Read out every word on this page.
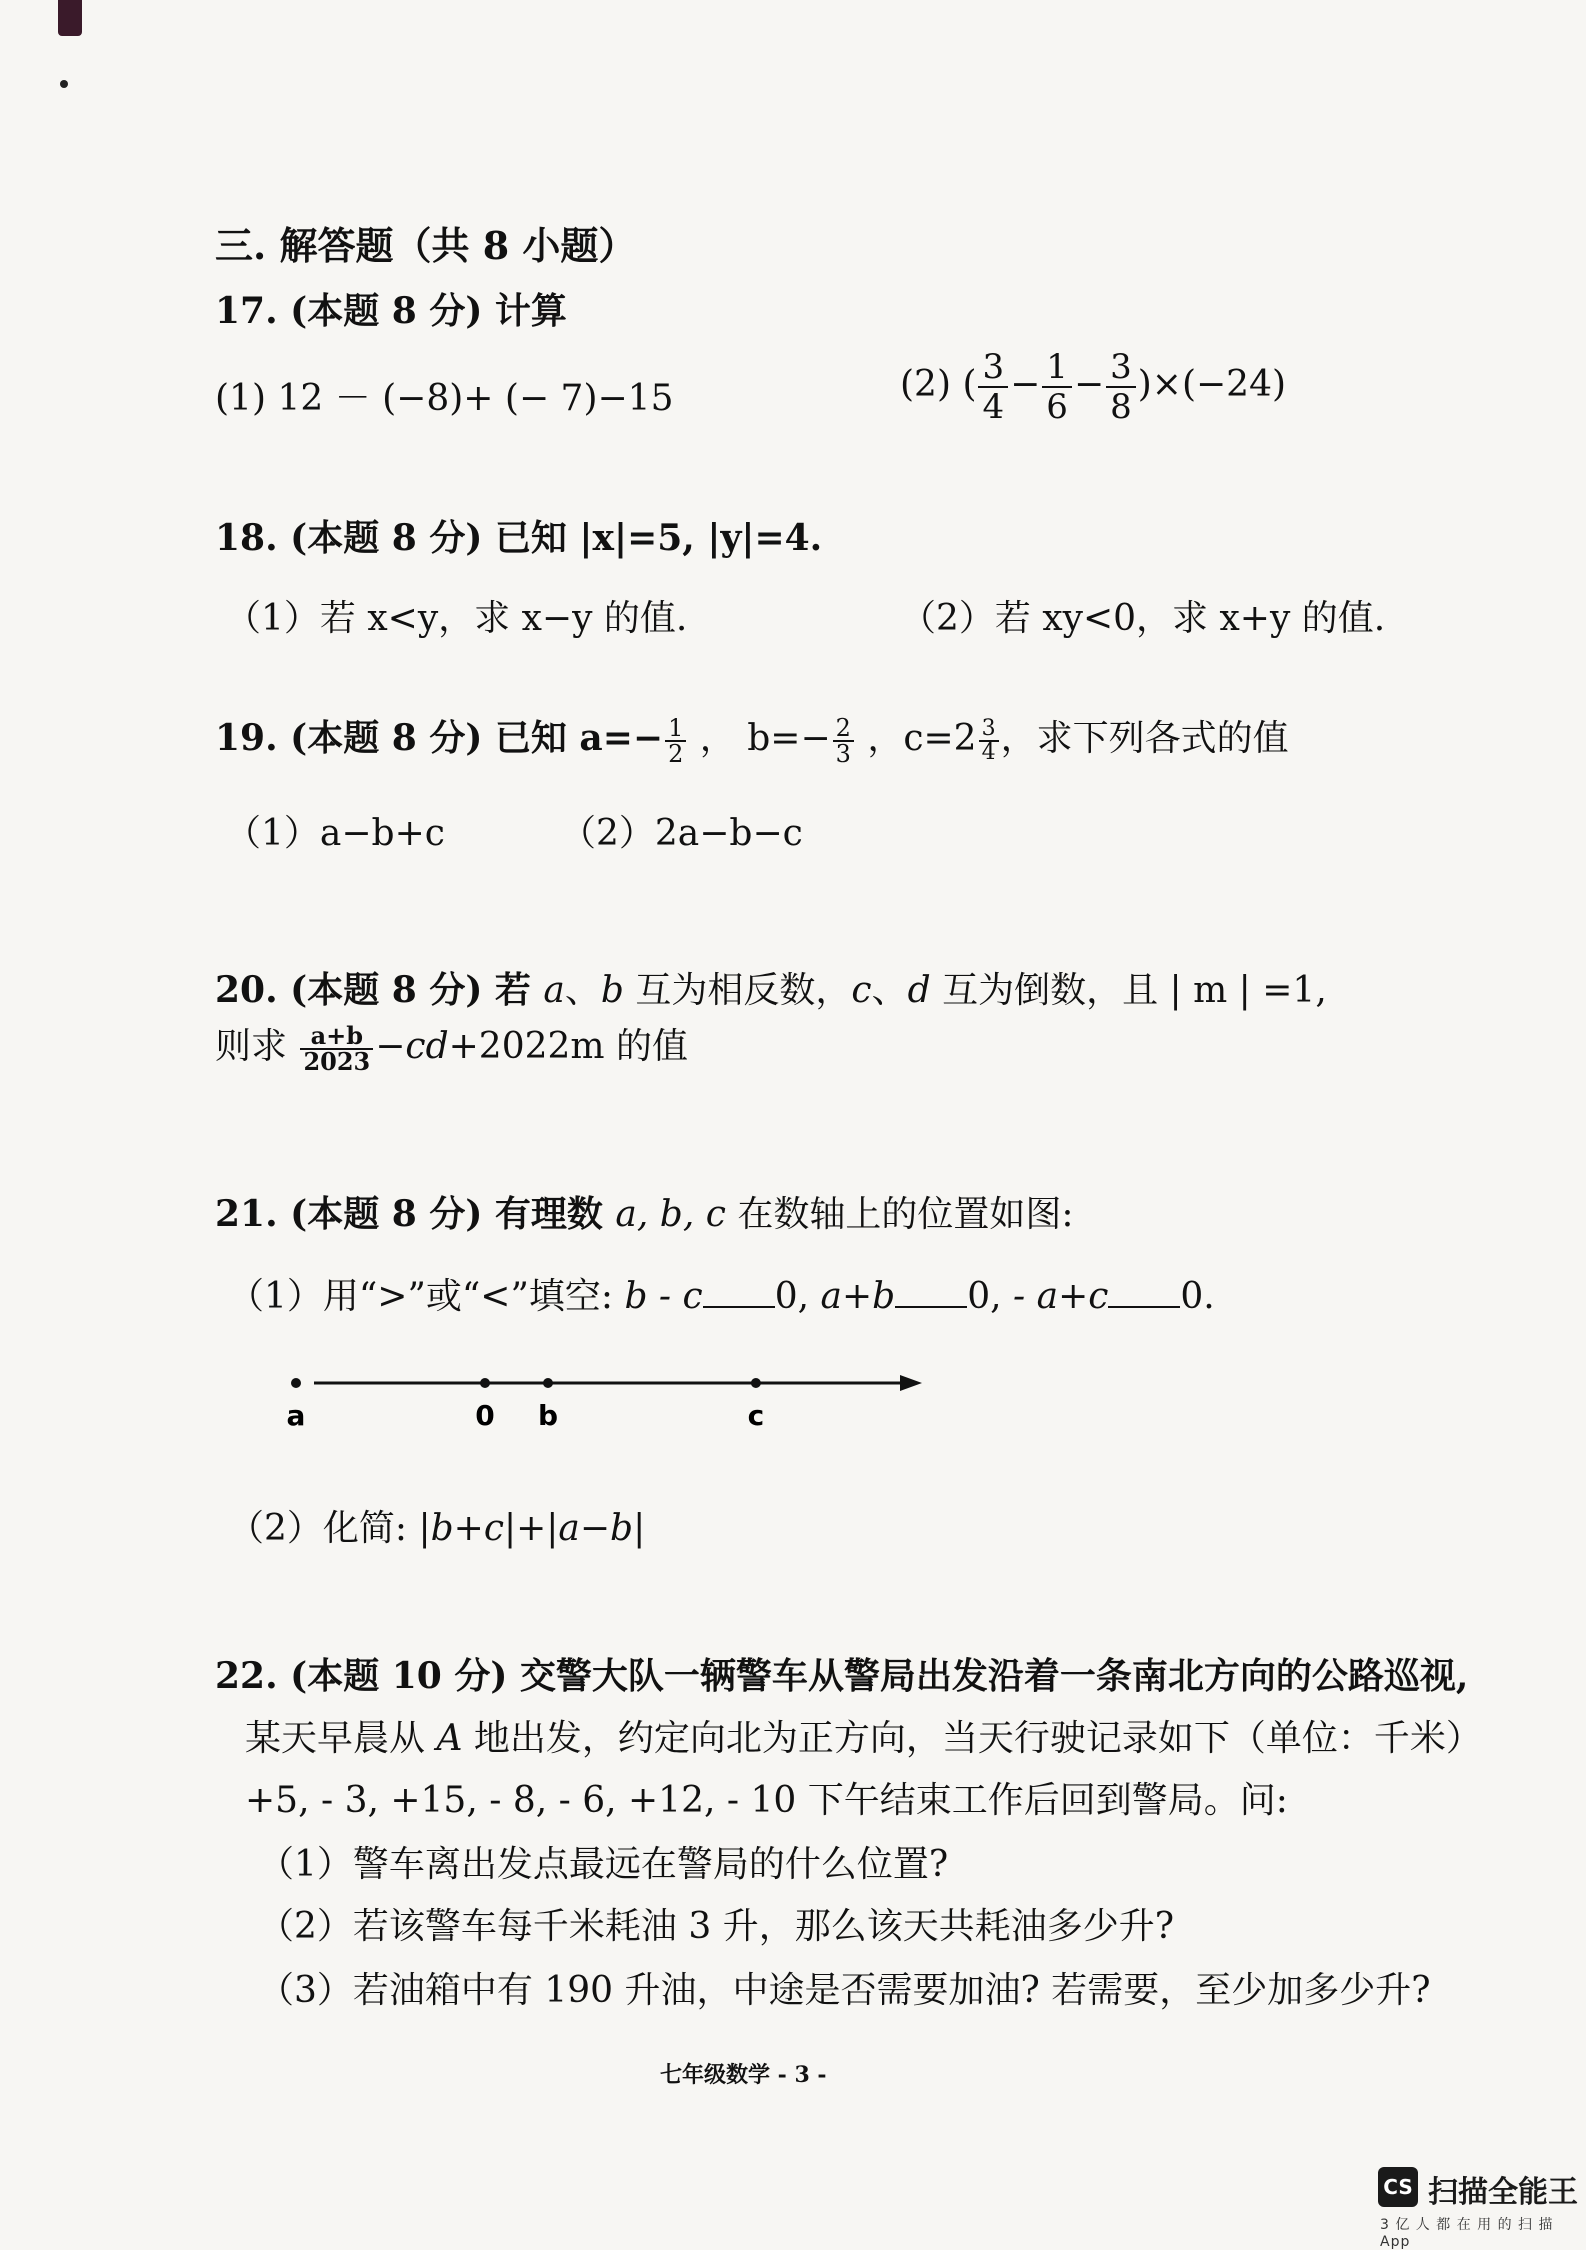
三. 解答题（共 8 小题）
17. (本题 8 分) 计算
(1) 12 － (−8)+ (− 7)−15	(2) ( $\frac{3}{4} - \frac{1}{6} - \frac{3}{8} )\times(-24)$
18. (本题 8 分) 已知 |x|=5, |y|=4.
（1）若 x<y，求 x−y 的值.	（2）若 xy<0，求 x+y 的值.
19. (本题 8 分) 已知 $a=- \frac{1}{2}$ ， $b=- \frac{2}{3}$ ，$c=2 \frac{3}{4}$ ，求下列各式的值
（1）a−b+c	（2）2a−b−c
20. (本题 8 分) 若 a、b 互为相反数，c、d 互为倒数，且 | m | =1,
则求 $\frac{a+b}{2023} -cd+2022m$ 的值
21. (本题 8 分) 有理数 a, b, c 在数轴上的位置如图:
（1）用“>”或“<”填空: b - c 0, a+b 0, - a+c 0.
a	0 b	c
（2）化简: |b+c|+|a−b|
22. (本题 10 分) 交警大队一辆警车从警局出发沿着一条南北方向的公路巡视,
某天早晨从 A 地出发，约定向北为正方向，当天行驶记录如下（单位：千米）
+5, - 3, +15, - 8, - 6, +12, - 10 下午结束工作后回到警局。问:
（1）警车离出发点最远在警局的什么位置?
（2）若该警车每千米耗油 3 升，那么该天共耗油多少升?
（3）若油箱中有 190 升油，中途是否需要加油? 若需要，至少加多少升?
七年级数学 - 3 -
CS 扫描全能王
3 亿 人 都 在 用 的 扫 描 App
